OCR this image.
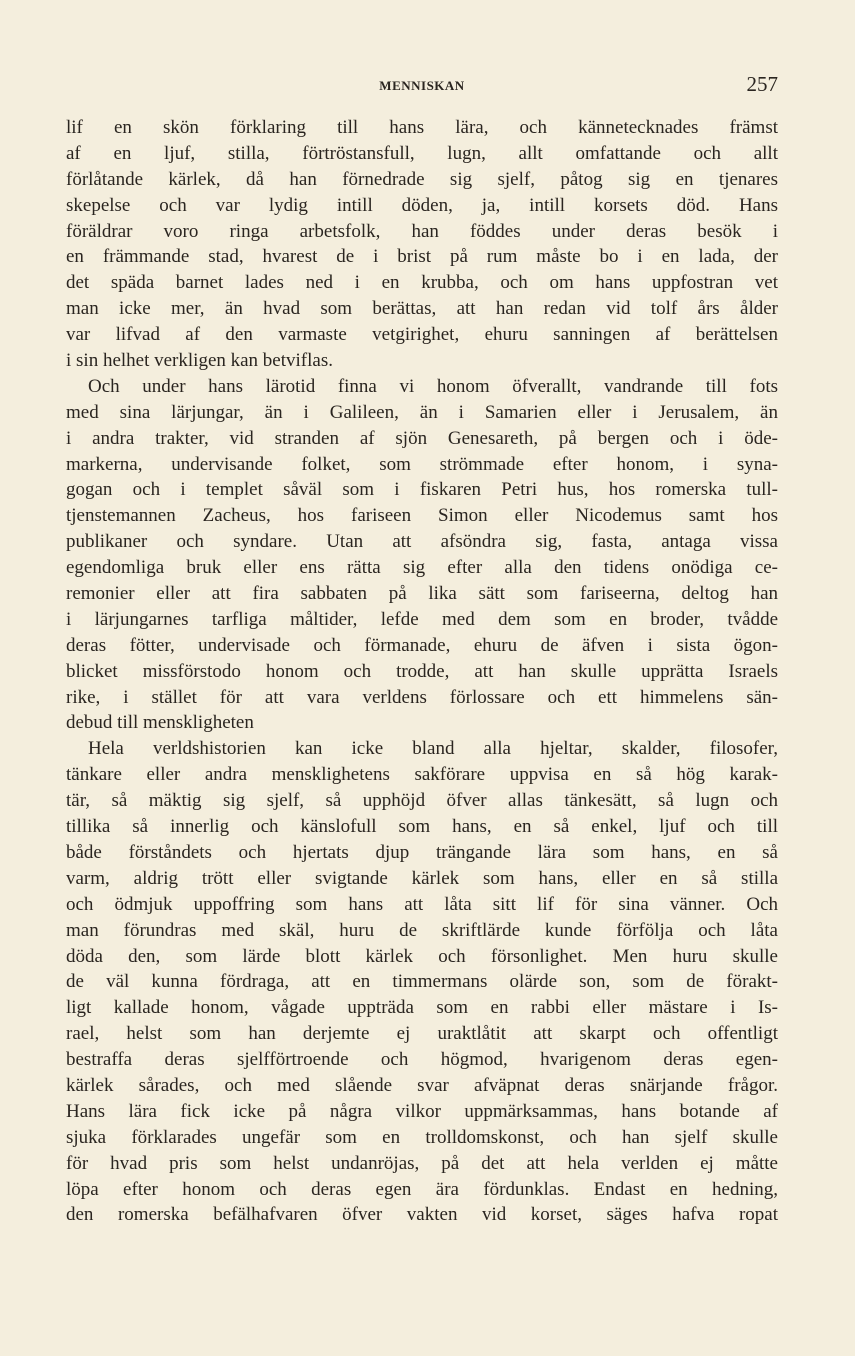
MENNISKAN	257
lif en skön förklaring till hans lära, och kännetecknades främst
af en ljuf, stilla, förtröstansfull, lugn, allt omfattande och allt
förlåtande kärlek, då han förnedrade sig sjelf, påtog sig en tjenares
skepelse och var lydig intill döden, ja, intill korsets död. Hans
föräldrar voro ringa arbetsfolk, han föddes under deras besök i
en främmande stad, hvarest de i brist på rum måste bo i en lada, der
det späda barnet lades ned i en krubba, och om hans uppfostran vet
man icke mer, än hvad som berättas, att han redan vid tolf års ålder
var lifvad af den varmaste vetgirighet, ehuru sanningen af berättelsen
i sin helhet verkligen kan betviflas.
Och under hans lärotid finna vi honom öfverallt, vandrande till fots
med sina lärjungar, än i Galileen, än i Samarien eller i Jerusalem, än
i andra trakter, vid stranden af sjön Genesareth, på bergen och i öde-
markerna, undervisande folket, som strömmade efter honom, i syna-
gogan och i templet såväl som i fiskaren Petri hus, hos romerska tull-
tjenstemannen Zacheus, hos fariseen Simon eller Nicodemus samt hos
publikaner och syndare. Utan att afsöndra sig, fasta, antaga vissa
egendomliga bruk eller ens rätta sig efter alla den tidens onödiga ce-
remonier eller att fira sabbaten på lika sätt som fariseerna, deltog han
i lärjungarnes tarfliga måltider, lefde med dem som en broder, tvådde
deras fötter, undervisade och förmanade, ehuru de äfven i sista ögon-
blicket missförstodo honom och trodde, att han skulle upprätta Israels
rike, i stället för att vara verldens förlossare och ett himmelens sän-
debud till menskligheten
Hela verldshistorien kan icke bland alla hjeltar, skalder, filosofer,
tänkare eller andra mensklighetens sakförare uppvisa en så hög karak-
tär, så mäktig sig sjelf, så upphöjd öfver allas tänkesätt, så lugn och
tillika så innerlig och känslofull som hans, en så enkel, ljuf och till
både förståndets och hjertats djup trängande lära som hans, en så
varm, aldrig trött eller svigtande kärlek som hans, eller en så stilla
och ödmjuk uppoffring som hans att låta sitt lif för sina vänner. Och
man förundras med skäl, huru de skriftlärde kunde förfölja och låta
döda den, som lärde blott kärlek och försonlighet. Men huru skulle
de väl kunna fördraga, att en timmermans olärde son, som de förakt-
ligt kallade honom, vågade uppträda som en rabbi eller mästare i Is-
rael, helst som han derjemte ej uraktlåtit att skarpt och offentligt
bestraffa deras sjelfförtroende och högmod, hvarigenom deras egen-
kärlek sårades, och med slående svar afväpnat deras snärjande frågor.
Hans lära fick icke på några vilkor uppmärksammas, hans botande af
sjuka förklarades ungefär som en trolldomskonst, och han sjelf skulle
för hvad pris som helst undanröjas, på det att hela verlden ej måtte
löpa efter honom och deras egen ära fördunklas. Endast en hedning,
den romerska befälhafvaren öfver vakten vid korset, säges hafva ropat
